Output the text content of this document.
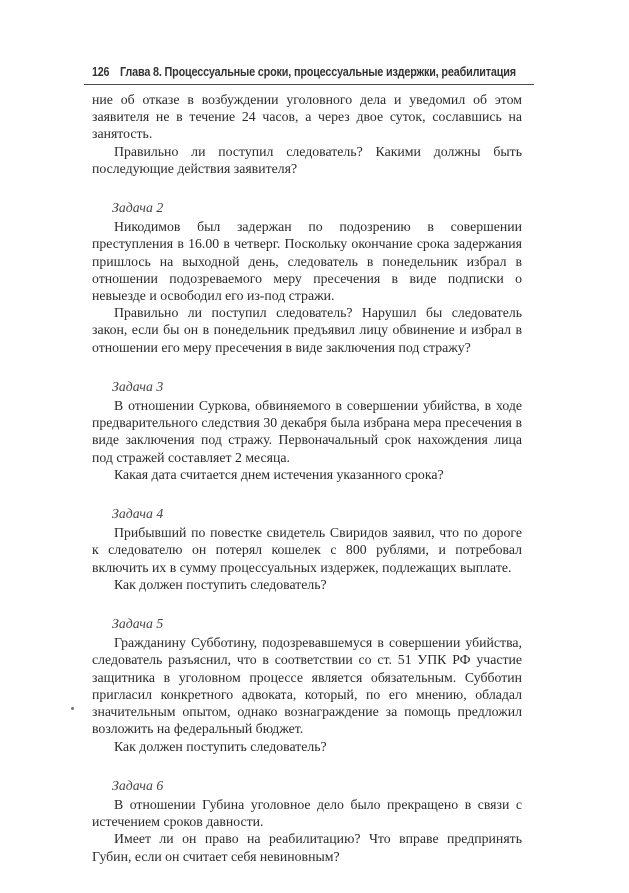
126 Глава 8. Процессуальные сроки, процессуальные издержки, реабилитация

ние об отказе в возбуждении уголовного дела и уведомил об этом заявителя не в течение 24 часов, а через двое суток, сославшись на занятость.

Правильно ли поступил следователь? Какими должны быть последующие действия заявителя?

Задача 2

Никодимов был задержан по подозрению в совершении преступления в 16.00 в четверг. Поскольку окончание срока задержания пришлось на выходной день, следователь в понедельник избрал в отношении подозреваемого меру пресечения в виде подписки о невыезде и освободил его из-под стражи.

Правильно ли поступил следователь? Нарушил бы следователь закон, если бы он в понедельник предъявил лицу обвинение и избрал в отношении его меру пресечения в виде заключения под стражу?

Задача 3

В отношении Суркова, обвиняемого в совершении убийства, в ходе предварительного следствия 30 декабря была избрана мера пресечения в виде заключения под стражу. Первоначальный срок нахождения лица под стражей составляет 2 месяца.

Какая дата считается днем истечения указанного срока?

Задача 4

Прибывший по повестке свидетель Свиридов заявил, что по дороге к следователю он потерял кошелек с 800 рублями, и потребовал включить их в сумму процессуальных издержек, подлежащих выплате.

Как должен поступить следователь?

Задача 5

Гражданину Субботину, подозревавшемуся в совершении убийства, следователь разъяснил, что в соответствии со ст. 51 УПК РФ участие защитника в уголовном процессе является обязательным. Субботин пригласил конкретного адвоката, который, по его мнению, обладал значительным опытом, однако вознаграждение за помощь предложил возложить на федеральный бюджет.

Как должен поступить следователь?

Задача 6

В отношении Губина уголовное дело было прекращено в связи с истечением сроков давности.

Имеет ли он право на реабилитацию? Что вправе предпринять Губин, если он считает себя невиновным?
